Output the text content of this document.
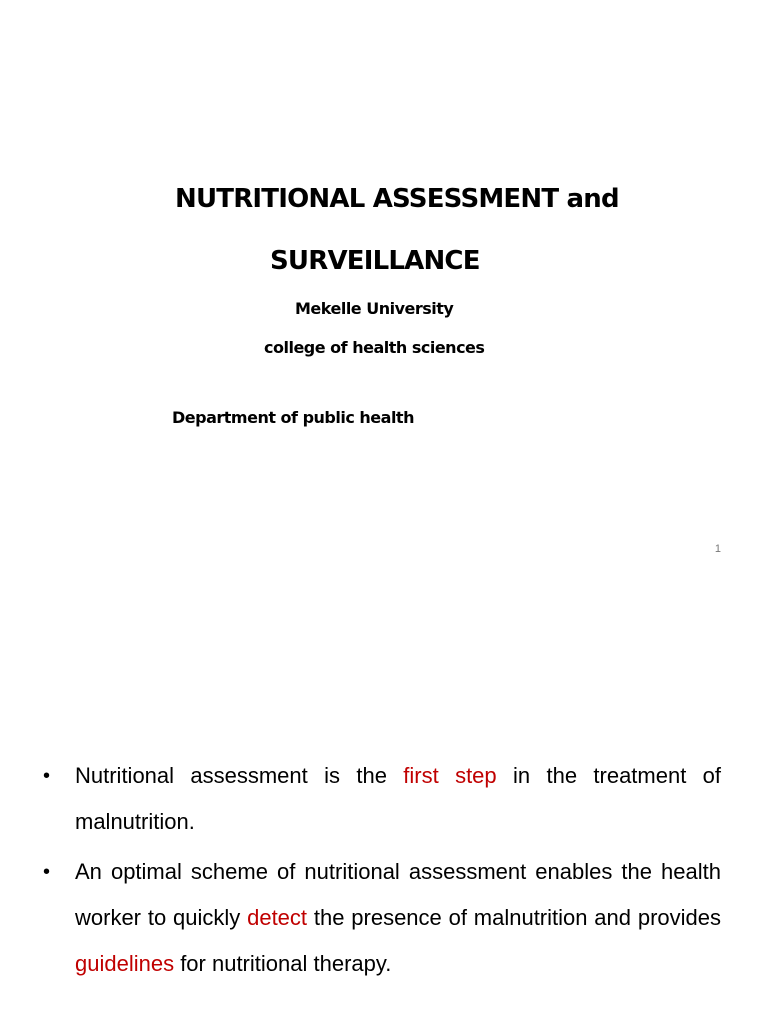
NUTRITIONAL ASSESSMENT and
SURVEILLANCE
Mekelle University
college of health sciences
Department of public health
1
• Nutritional assessment is the first step in the treatment of malnutrition.
• An optimal scheme of nutritional assessment enables the health worker to quickly detect the presence of malnutrition and provides guidelines for nutritional therapy.
